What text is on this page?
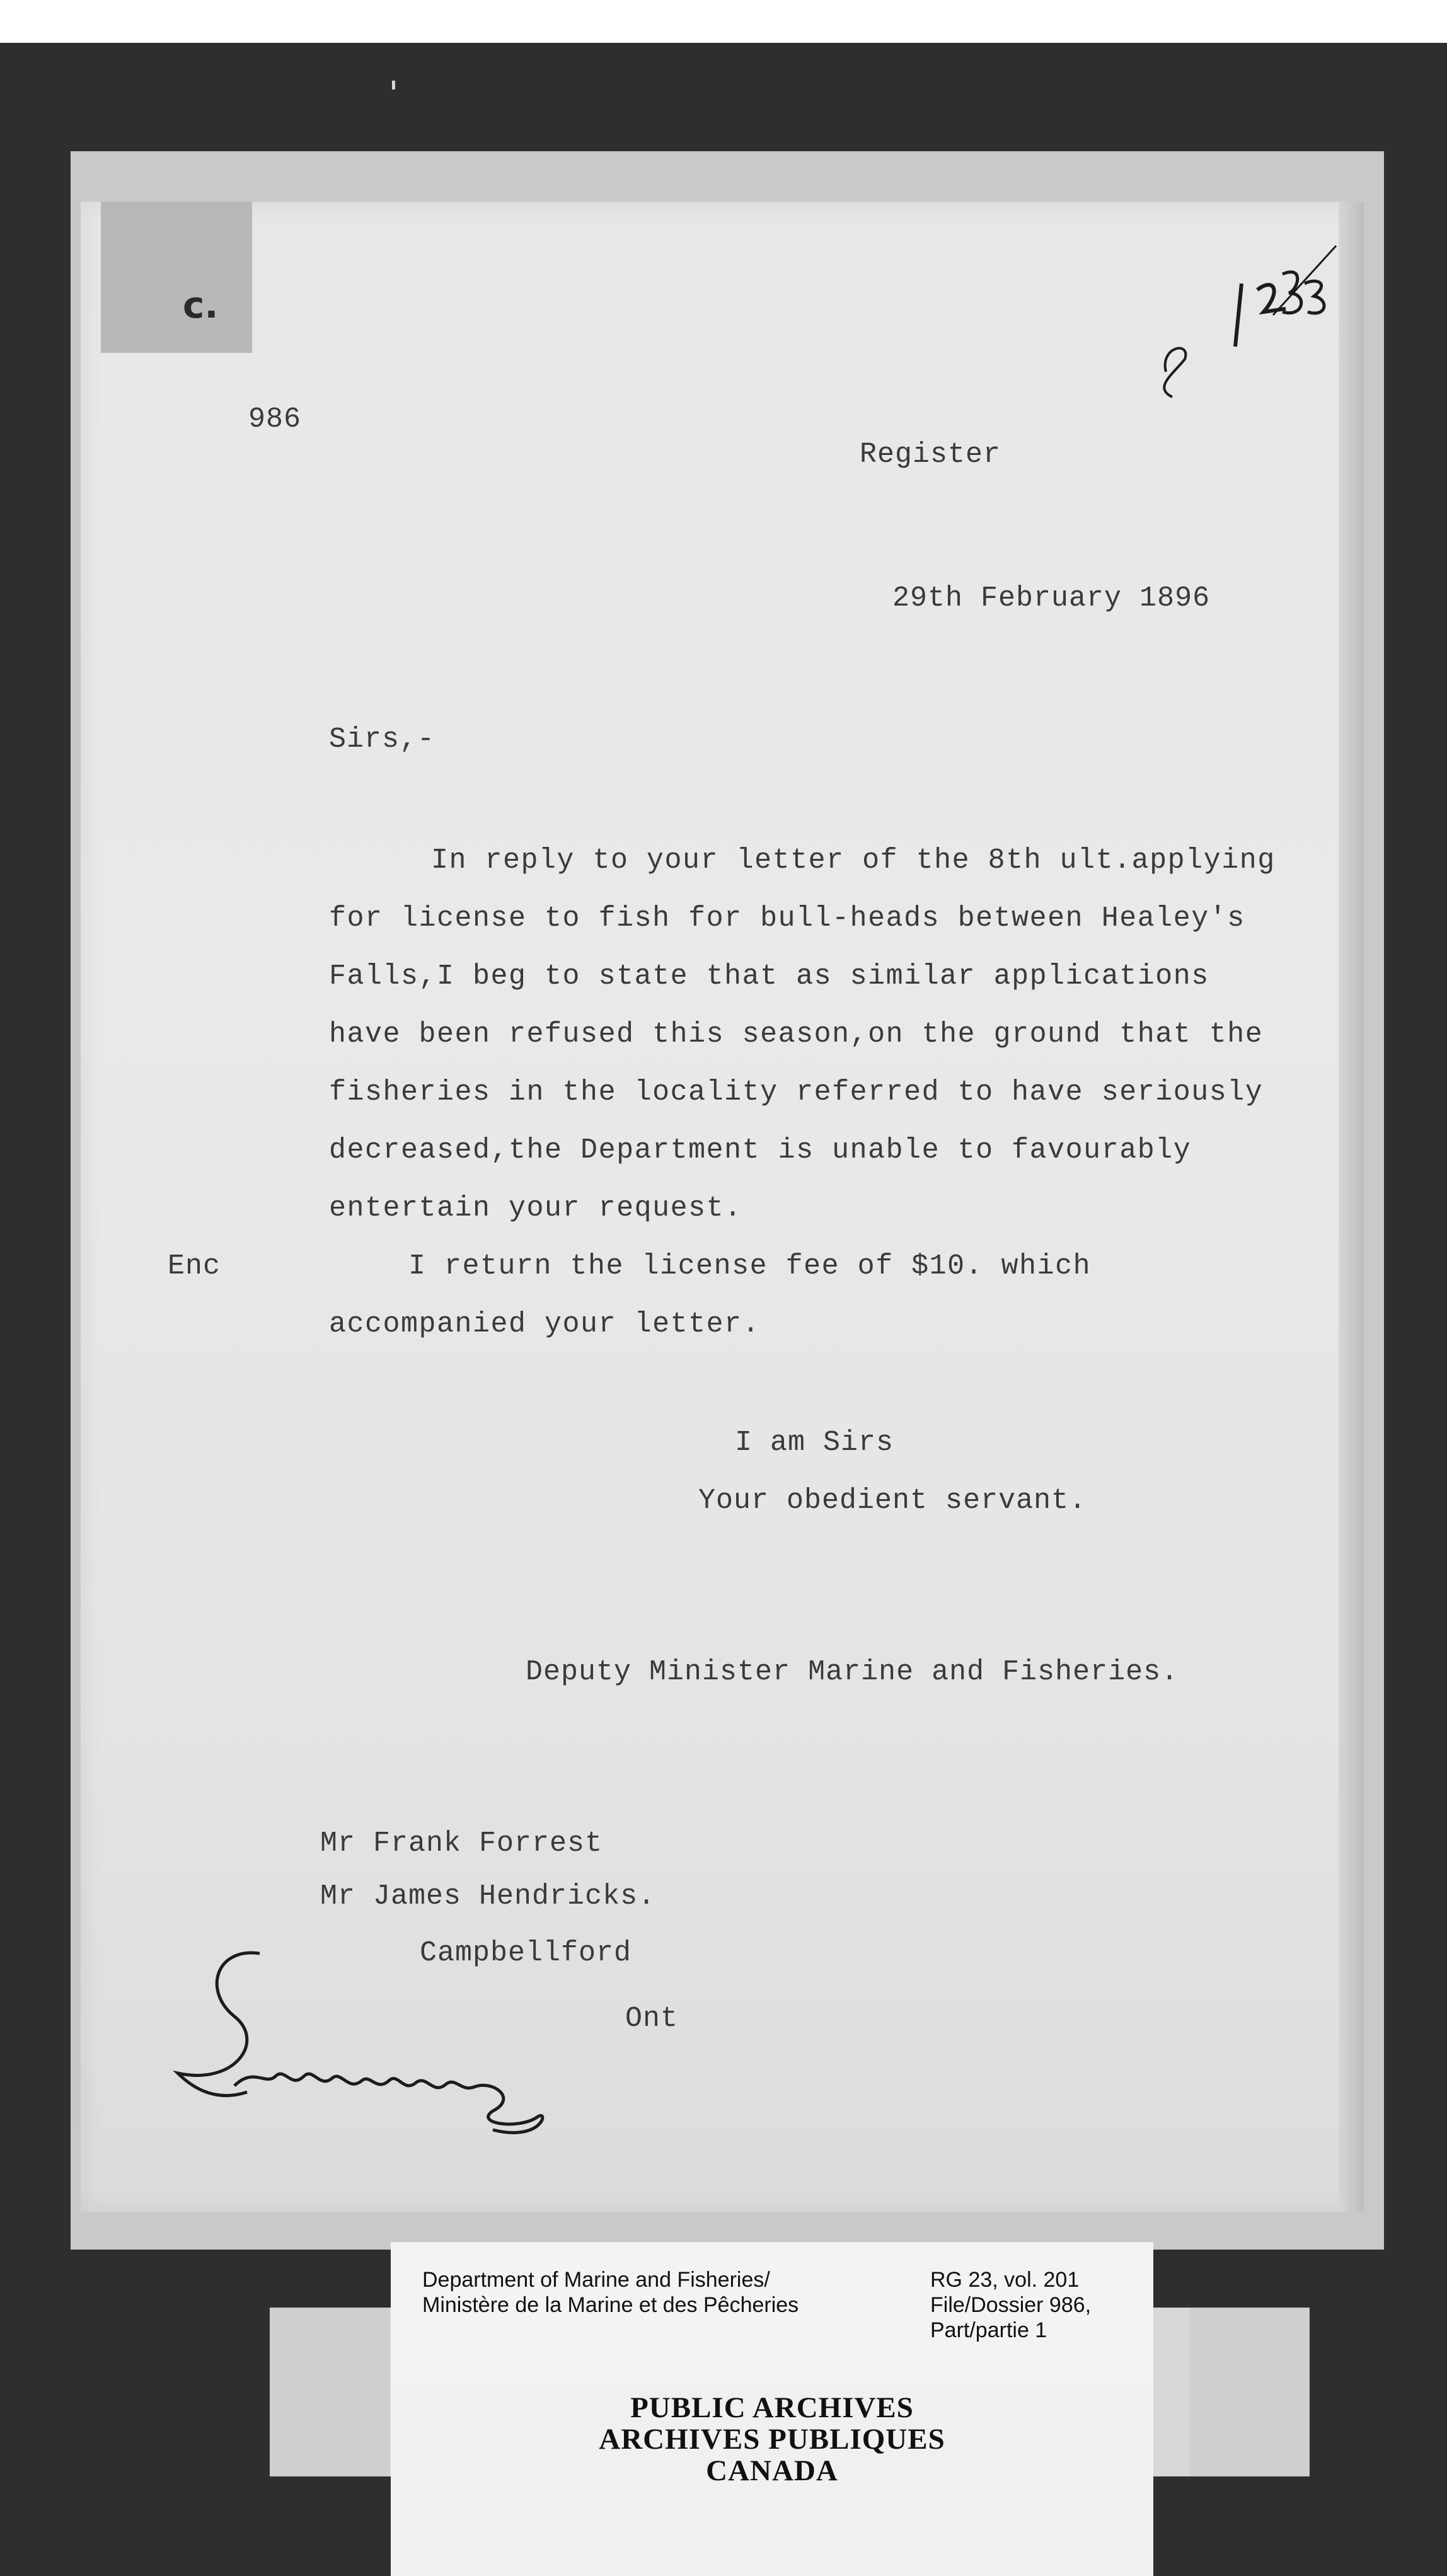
c.
986
Register
29th February 1896
Sirs,-
In reply to your letter of the 8th ult.applying
for license to fish for bull-heads between Healey's
Falls,I beg to state that as similar applications
have been refused this season,on the ground that the
fisheries in the locality referred to have seriously
decreased,the Department is unable to favourably
entertain your request.
Enc	I return the license fee of $10. which
accompanied your letter.
I am Sirs
Your obedient servant.
Deputy Minister Marine and Fisheries.
Mr Frank Forrest
Mr James Hendricks.
Campbellford
Ont
Department of Marine and Fisheries/
Ministère de la Marine et des Pêcheries
RG 23, vol. 201
File/Dossier 986,
Part/partie 1
PUBLIC ARCHIVES
ARCHIVES PUBLIQUES
CANADA
